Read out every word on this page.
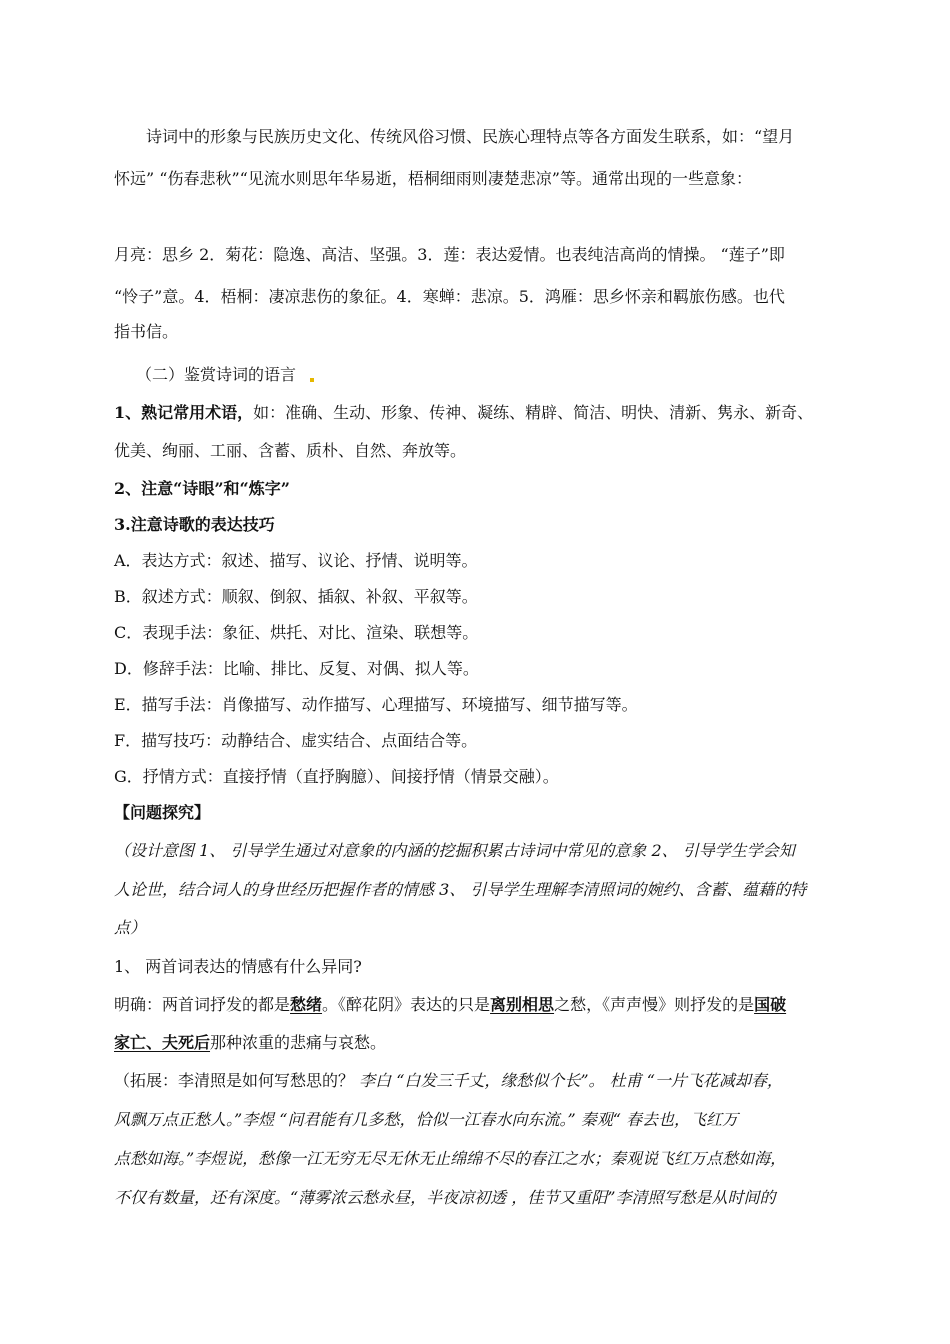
诗词中的形象与民族历史文化、传统风俗习惯、民族心理特点等各方面发生联系，如：“望月

怀远” “伤春悲秋”“见流水则思年华易逝，梧桐细雨则凄楚悲凉”等。通常出现的一些意象：

月亮：思乡 2．菊花：隐逸、高洁、坚强。3．莲：表达爱情。也表纯洁高尚的情操。 “莲子”即

“怜子”意。4．梧桐：凄凉悲伤的象征。4．寒蝉：悲凉。5．鸿雁：思乡怀亲和羁旅伤感。也代

指书信。

（二）鉴赏诗词的语言

1、熟记常用术语，如：准确、生动、形象、传神、凝练、精辟、简洁、明快、清新、隽永、新奇、

优美、绚丽、工丽、含蓄、质朴、自然、奔放等。

2、注意“诗眼”和“炼字”

3.注意诗歌的表达技巧

A．表达方式：叙述、描写、议论、抒情、说明等。

B．叙述方式：顺叙、倒叙、插叙、补叙、平叙等。

C．表现手法：象征、烘托、对比、渲染、联想等。

D．修辞手法：比喻、排比、反复、对偶、拟人等。

E．描写手法：肖像描写、动作描写、心理描写、环境描写、细节描写等。

F．描写技巧：动静结合、虚实结合、点面结合等。

G．抒情方式：直接抒情（直抒胸臆）、间接抒情（情景交融）。

【问题探究】

（设计意图 1、 引导学生通过对意象的内涵的挖掘积累古诗词中常见的意象 2、 引导学生学会知

人论世，结合词人的身世经历把握作者的情感 3、 引导学生理解李清照词的婉约、含蓄、蕴藉的特

点）

1、 两首词表达的情感有什么异同?

明确：两首词抒发的都是愁绪。《醉花阴》表达的只是离别相思之愁，《声声慢》则抒发的是国破

家亡、夫死后那种浓重的悲痛与哀愁。

（拓展：李清照是如何写愁思的？ 李白 “白发三千丈，缘愁似个长”。 杜甫 “一片飞花减却春，

风飘万点正愁人。”李煜 “问君能有几多愁，恰似一江春水向东流。” 秦观“ 春去也，飞红万

点愁如海。”李煜说，愁像一江无穷无尽无休无止绵绵不尽的春江之水；秦观说飞红万点愁如海，

不仅有数量，还有深度。“薄雾浓云愁永昼，半夜凉初透 ，佳节又重阳”李清照写愁是从时间的
